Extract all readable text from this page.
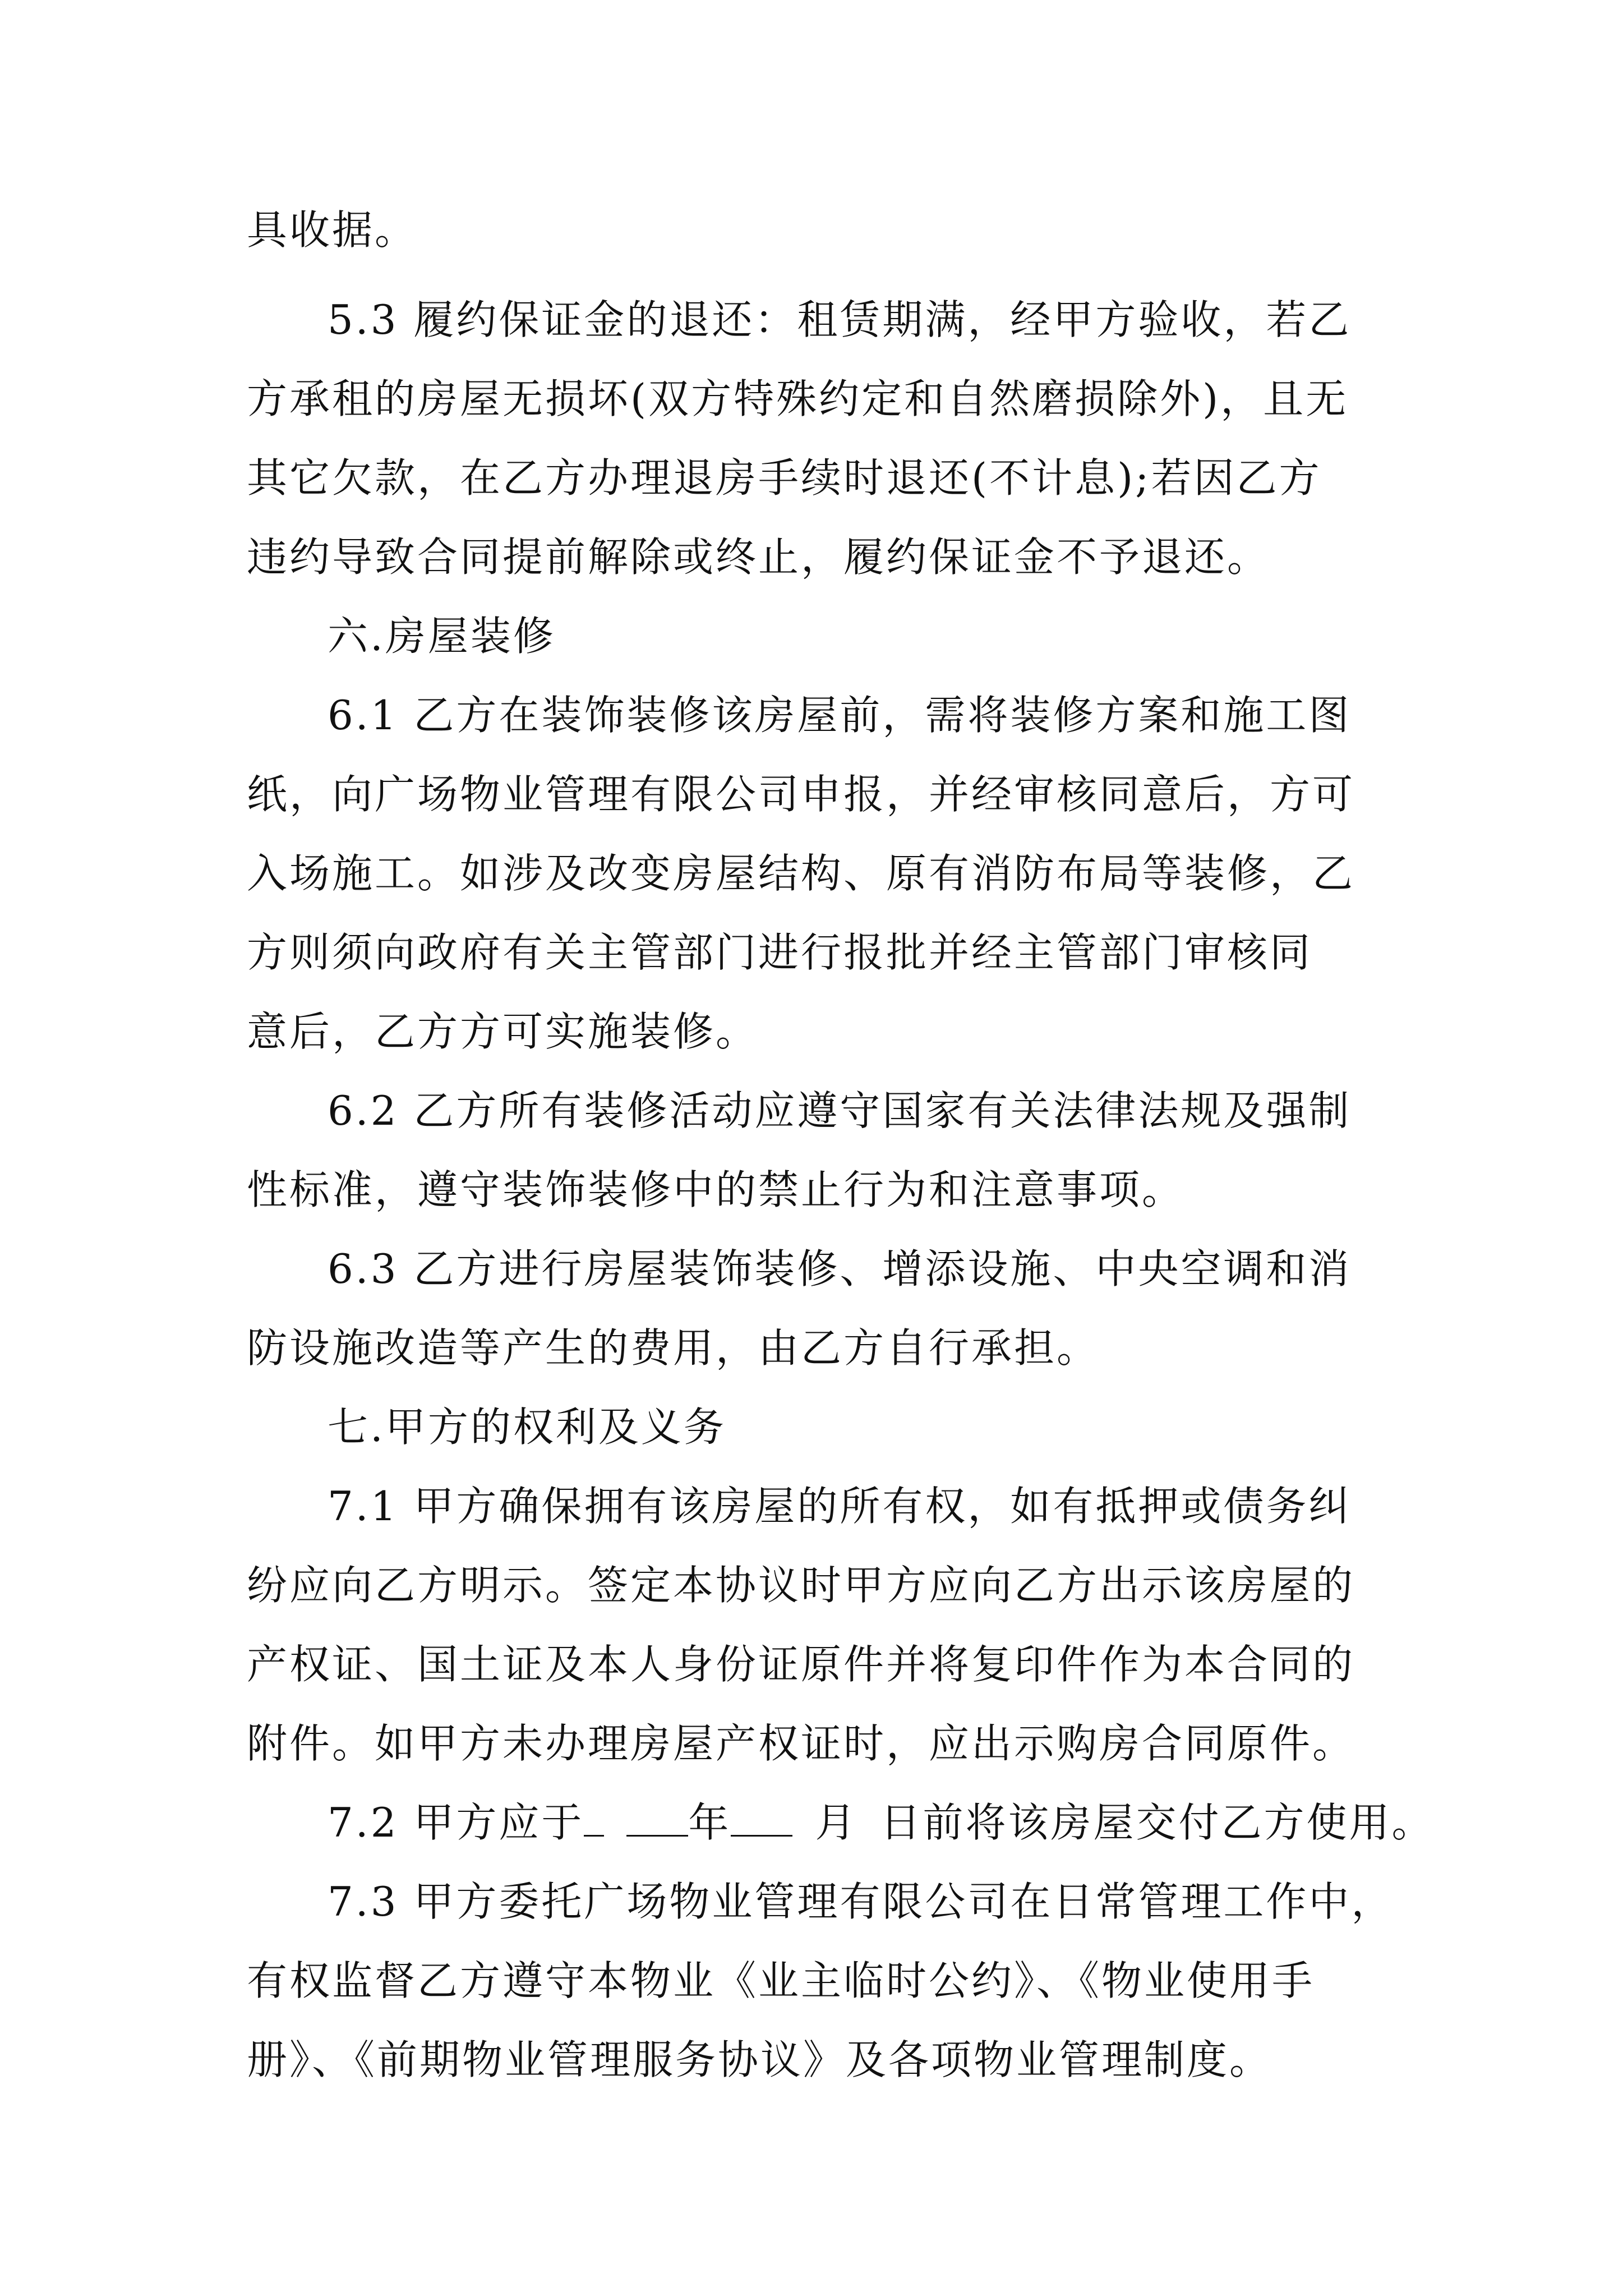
具收据。

5.3 履约保证金的退还：租赁期满，经甲方验收，若乙

方承租的房屋无损坏(双方特殊约定和自然磨损除外)，且无

其它欠款，在乙方办理退房手续时退还(不计息);若因乙方

违约导致合同提前解除或终止，履约保证金不予退还。

六.房屋装修

6.1 乙方在装饰装修该房屋前，需将装修方案和施工图

纸，向广场物业管理有限公司申报，并经审核同意后，方可

入场施工。如涉及改变房屋结构、原有消防布局等装修，乙

方则须向政府有关主管部门进行报批并经主管部门审核同

意后，乙方方可实施装修。

6.2 乙方所有装修活动应遵守国家有关法律法规及强制

性标准，遵守装饰装修中的禁止行为和注意事项。

6.3 乙方进行房屋装饰装修、增添设施、中央空调和消

防设施改造等产生的费用，由乙方自行承担。

七.甲方的权利及义务

7.1 甲方确保拥有该房屋的所有权，如有抵押或债务纠

纷应向乙方明示。签定本协议时甲方应向乙方出示该房屋的

产权证、国土证及本人身份证原件并将复印件作为本合同的

附件。如甲方未办理房屋产权证时，应出示购房合同原件。

7.2 甲方应于 	年  月  日前将该房屋交付乙方使用。

7.3 甲方委托广场物业管理有限公司在日常管理工作中，

有权监督乙方遵守本物业《业主临时公约》、《物业使用手

册》、《前期物业管理服务协议》及各项物业管理制度。
